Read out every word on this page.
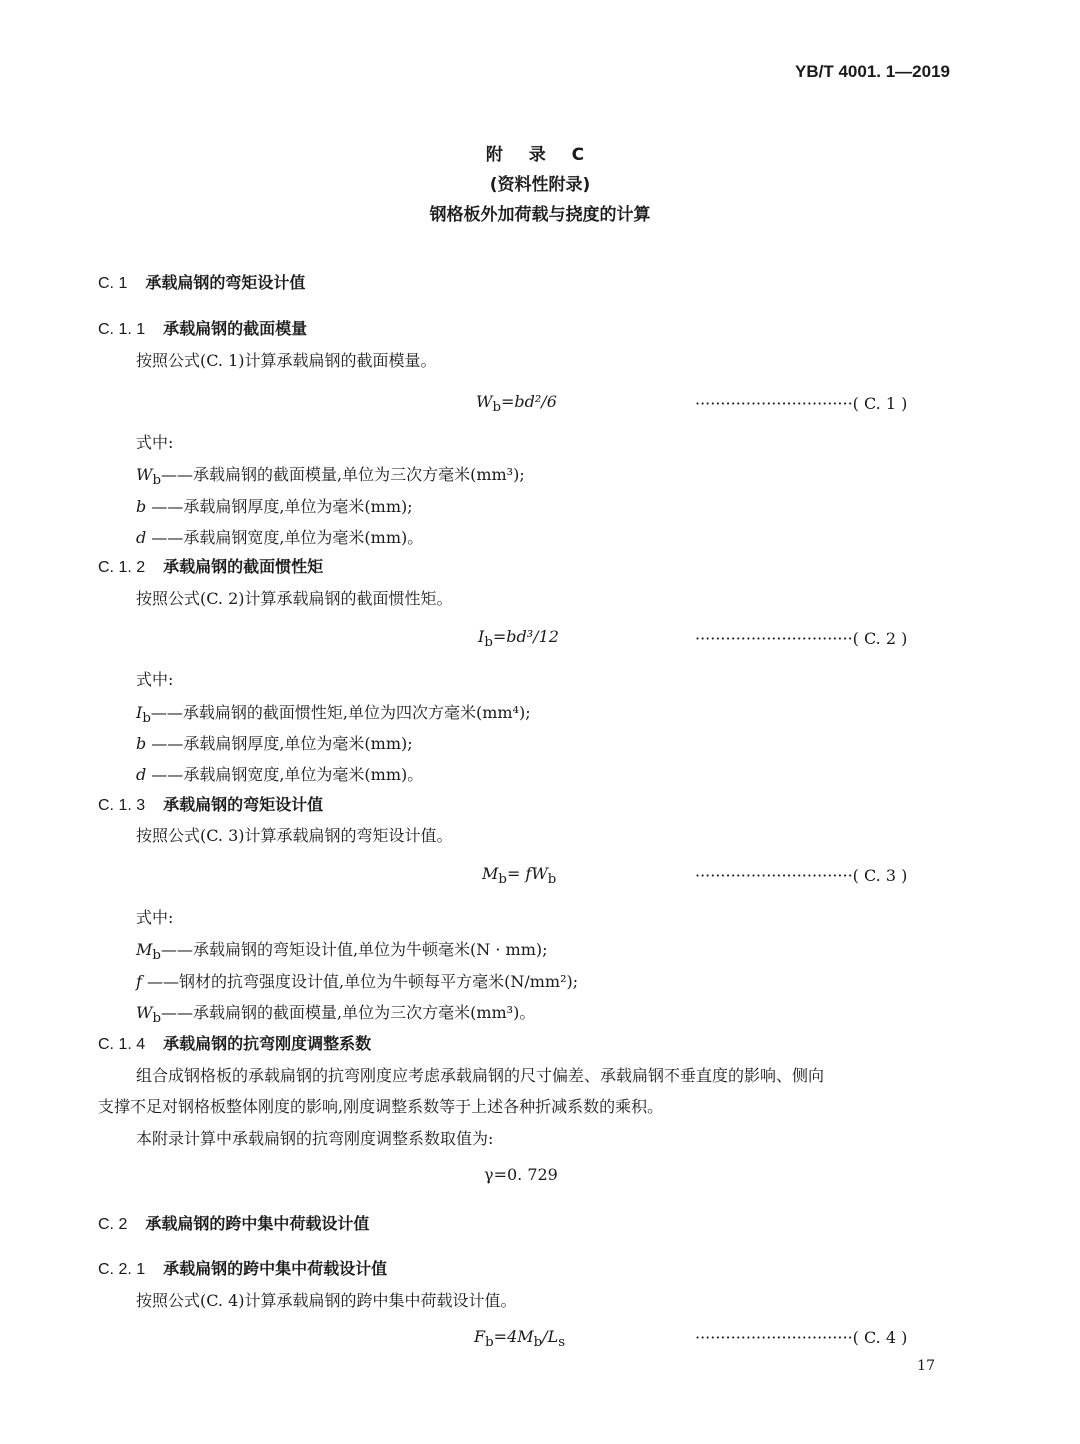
YB/T 4001. 1—2019
附 录 C
(资料性附录)
钢格板外加荷载与挠度的计算
C. 1 承载扁钢的弯矩设计值
C. 1. 1 承载扁钢的截面模量
按照公式(C. 1)计算承载扁钢的截面模量。
$W_b=bd^2/6$	·······························( C. 1 )
式中:
$W_b——$承载扁钢的截面模量,单位为三次方毫米(mm³);
b ——承载扁钢厚度,单位为毫米(mm);
d ——承载扁钢宽度,单位为毫米(mm)。
C. 1. 2 承载扁钢的截面惯性矩
按照公式(C. 2)计算承载扁钢的截面惯性矩。
$I_b=bd^3/12$	·······························( C. 2 )
式中:
$I_b——$承载扁钢的截面惯性矩,单位为四次方毫米(mm⁴);
b ——承载扁钢厚度,单位为毫米(mm);
d ——承载扁钢宽度,单位为毫米(mm)。
C. 1. 3 承载扁钢的弯矩设计值
按照公式(C. 3)计算承载扁钢的弯矩设计值。
$M_b= fW_b$	·······························( C. 3 )
式中:
$M_b——$承载扁钢的弯矩设计值,单位为牛顿毫米(N · mm);
f ——钢材的抗弯强度设计值,单位为牛顿每平方毫米(N/mm²);
$W_b——$承载扁钢的截面模量,单位为三次方毫米(mm³)。
C. 1. 4 承载扁钢的抗弯刚度调整系数
组合成钢格板的承载扁钢的抗弯刚度应考虑承载扁钢的尺寸偏差、承载扁钢不垂直度的影响、侧向
支撑不足对钢格板整体刚度的影响,刚度调整系数等于上述各种折减系数的乘积。
本附录计算中承载扁钢的抗弯刚度调整系数取值为:
γ=0. 729
C. 2 承载扁钢的跨中集中荷载设计值
C. 2. 1 承载扁钢的跨中集中荷载设计值
按照公式(C. 4)计算承载扁钢的跨中集中荷载设计值。
$F_b=4M_b/L_s$	·······························( C. 4 )
17
